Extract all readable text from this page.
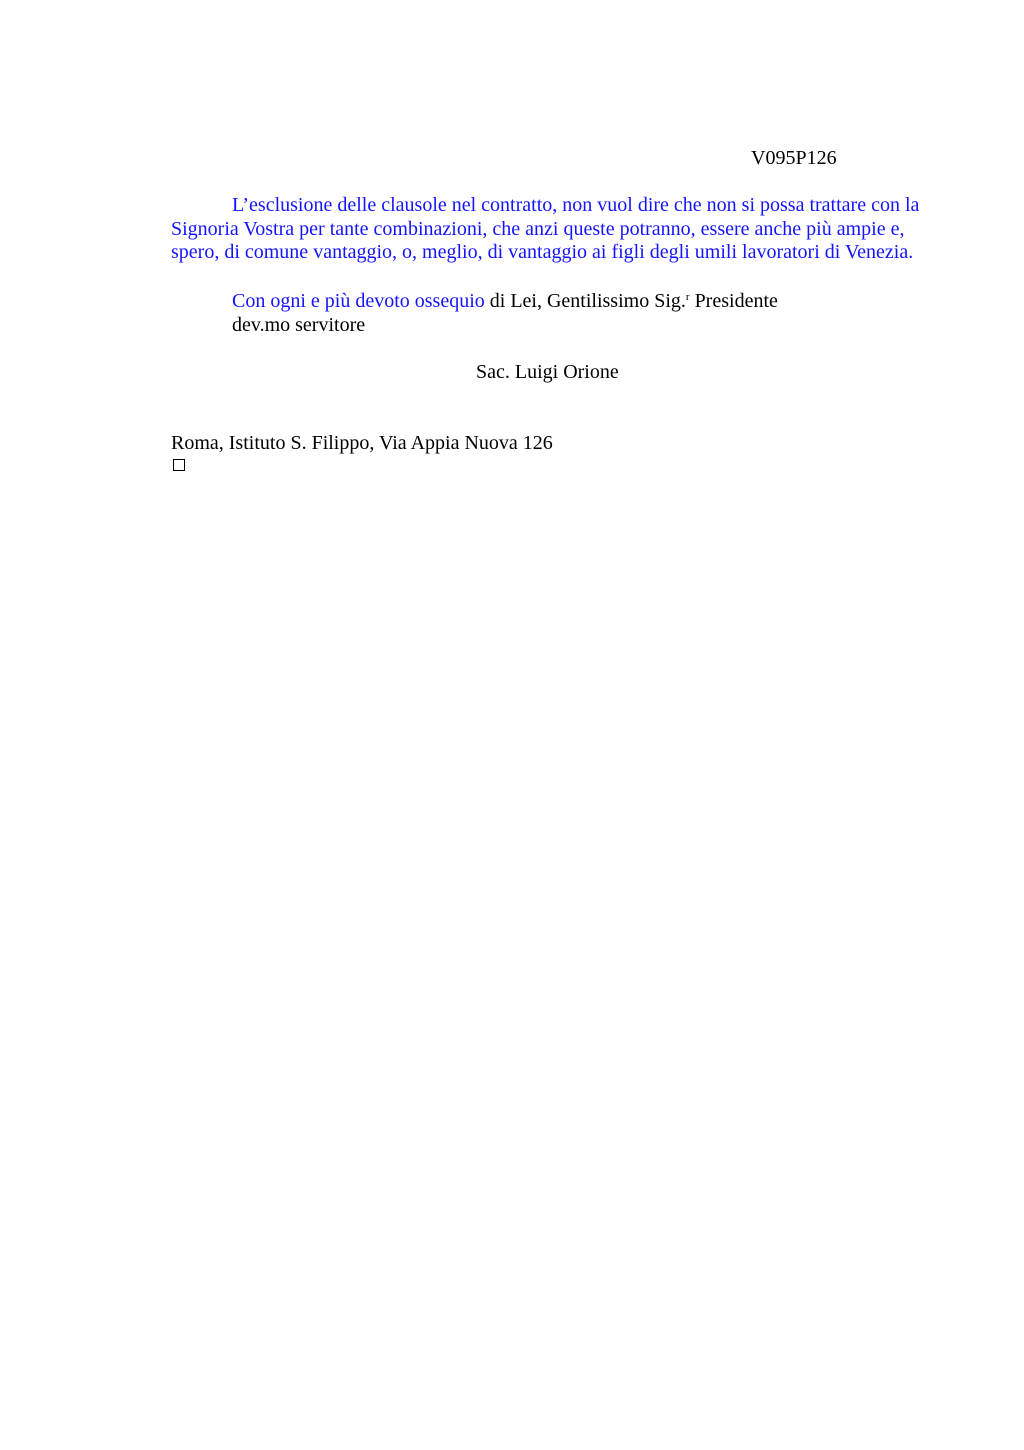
V095P126
L’esclusione delle clausole nel contratto, non vuol dire che non si possa trattare con la Signoria Vostra per tante combinazioni, che anzi queste potranno, essere anche più ampie e, spero, di comune vantaggio, o, meglio, di vantaggio ai figli degli umili lavoratori di Venezia.
Con ogni e più devoto ossequio di Lei, Gentilissimo Sig.$^r$ Presidente
dev.mo servitore
Sac. Luigi Orione
Roma, Istituto S. Filippo, Via Appia Nuova 126
